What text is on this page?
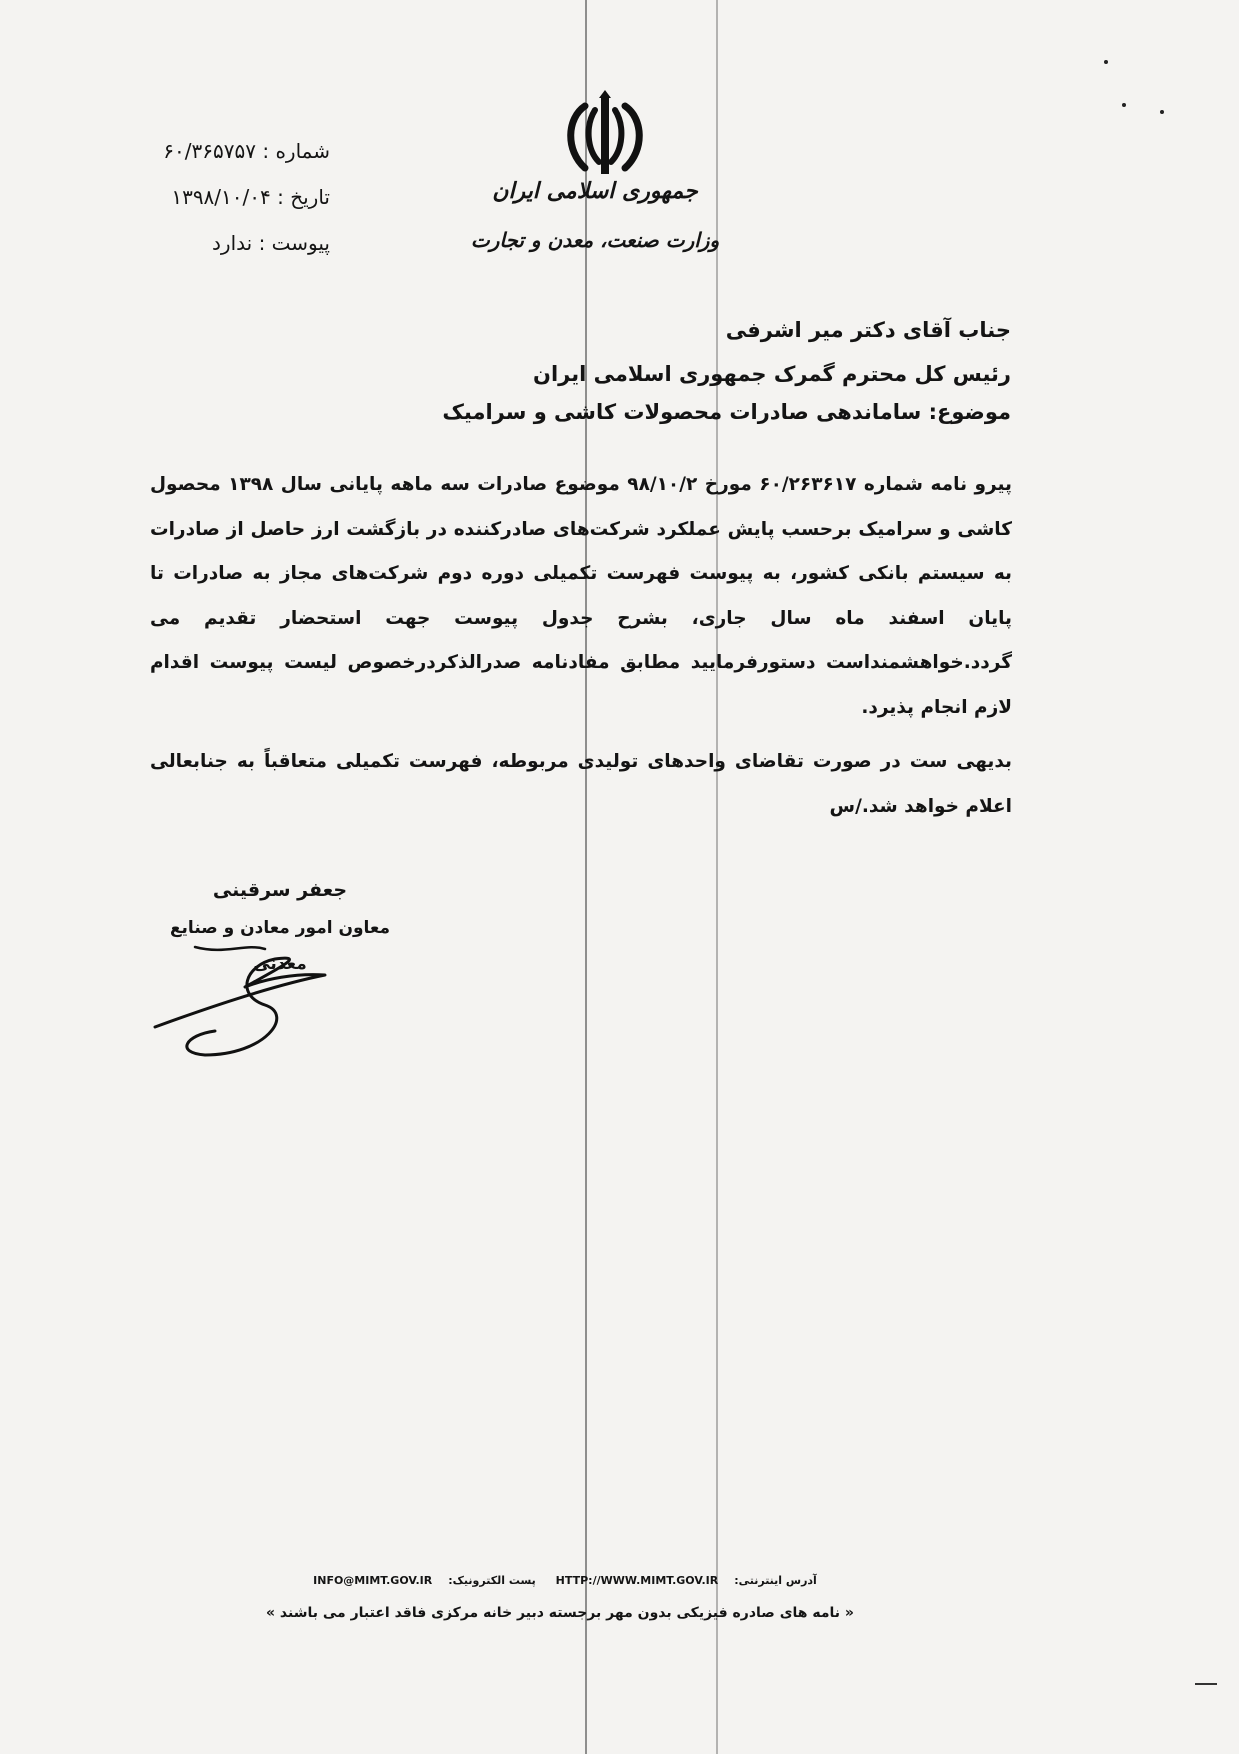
جمهوری اسلامی ایران
وزارت صنعت، معدن و تجارت
شماره : ۶۰/۳۶۵۷۵۷
تاریخ : ۱۳۹۸/۱۰/۰۴
پیوست : ندارد
جناب آقای دکتر میر اشرفی
رئیس کل محترم گمرک جمهوری اسلامی ایران
موضوع: ساماندهی صادرات محصولات کاشی و سرامیک

پیرو نامه شماره ۶۰/۲۶۳۶۱۷ مورخ ۹۸/۱۰/۲ موضوع صادرات سه ماهه پایانی سال ۱۳۹۸ محصول کاشی و سرامیک برحسب پایش عملکرد شرکت‌های صادرکننده در بازگشت ارز حاصل از صادرات به سیستم بانکی کشور، به پیوست فهرست تکمیلی دوره دوم شرکت‌های مجاز به صادرات تا پایان اسفند ماه سال جاری، بشرح جدول پیوست جهت استحضار تقدیم می گردد.خواهشمنداست دستورفرمایید مطابق مفادنامه صدرالذکردرخصوص لیست پیوست اقدام لازم انجام پذیرد.

بدیهی ست در صورت تقاضای واحدهای تولیدی مربوطه، فهرست تکمیلی متعاقباً به جنابعالی اعلام خواهد شد./س

جعفر سرقینی
معاون امور معادن و صنایع معدنی
آدرس اینترنتی:HTTP://WWW.MIMT.GOV.IR پست الکترونیک:INFO@MIMT.GOV.IR
« نامه های صادره فیزیکی بدون مهر برجسته دبیر خانه مرکزی فاقد اعتبار می باشند »
